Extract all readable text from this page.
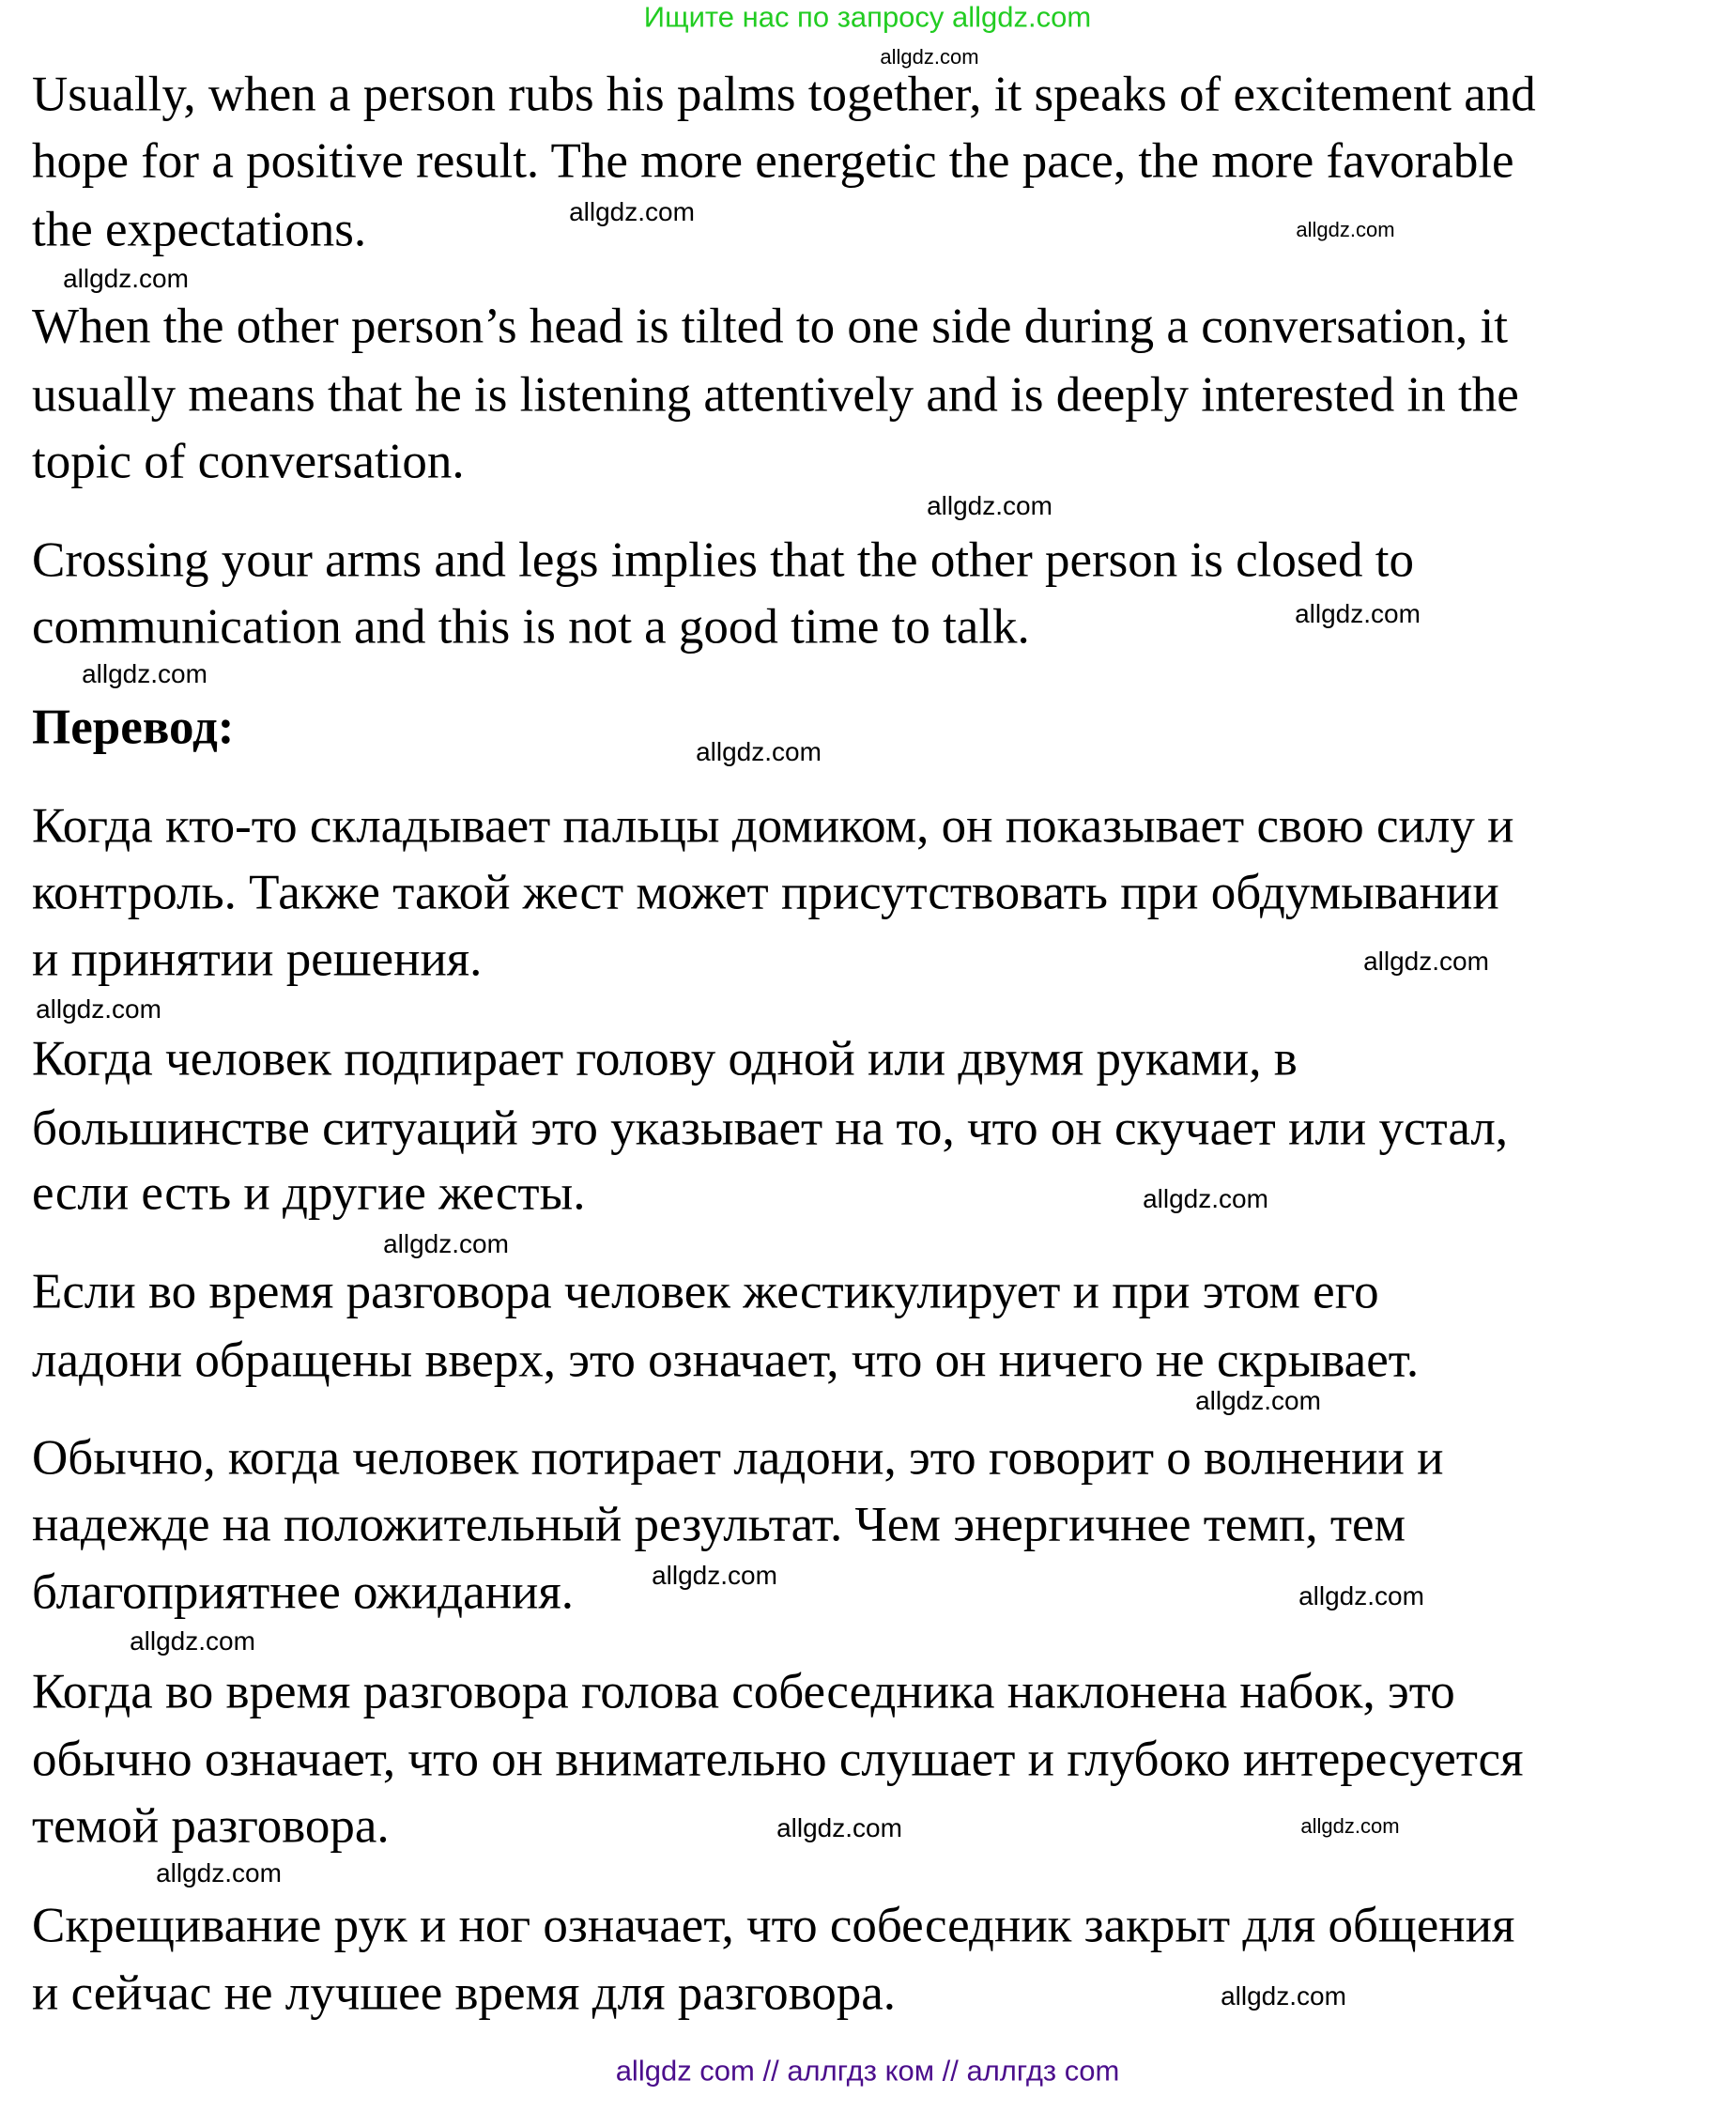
Ищите нас по запросу allgdz.com
Usually, when a person rubs his palms together, it speaks of excitement and
hope for a positive result. The more energetic the pace, the more favorable
the expectations.
When the other person’s head is tilted to one side during a conversation, it
usually means that he is listening attentively and is deeply interested in the
topic of conversation.
Crossing your arms and legs implies that the other person is closed to
communication and this is not a good time to talk.
Перевод:
Когда кто-то складывает пальцы домиком, он показывает свою силу и
контроль. Также такой жест может присутствовать при обдумывании
и принятии решения.
Когда человек подпирает голову одной или двумя руками, в
большинстве ситуаций это указывает на то, что он скучает или устал,
если есть и другие жесты.
Если во время разговора человек жестикулирует и при этом его
ладони обращены вверх, это означает, что он ничего не скрывает.
Обычно, когда человек потирает ладони, это говорит о волнении и
надежде на положительный результат. Чем энергичнее темп, тем
благоприятнее ожидания.
Когда во время разговора голова собеседника наклонена набок, это
обычно означает, что он внимательно слушает и глубоко интересуется
темой разговора.
Скрещивание рук и ног означает, что собеседник закрыт для общения
и сейчас не лучшее время для разговора.
allgdz.com
allgdz.com
allgdz.com
allgdz.com
allgdz.com
allgdz.com
allgdz.com
allgdz.com
allgdz.com
allgdz.com
allgdz.com
allgdz.com
allgdz.com
allgdz.com
allgdz.com
allgdz.com
allgdz.com
allgdz.com
allgdz.com
allgdz.com
allgdz com // аллгдз ком // аллгдз com
